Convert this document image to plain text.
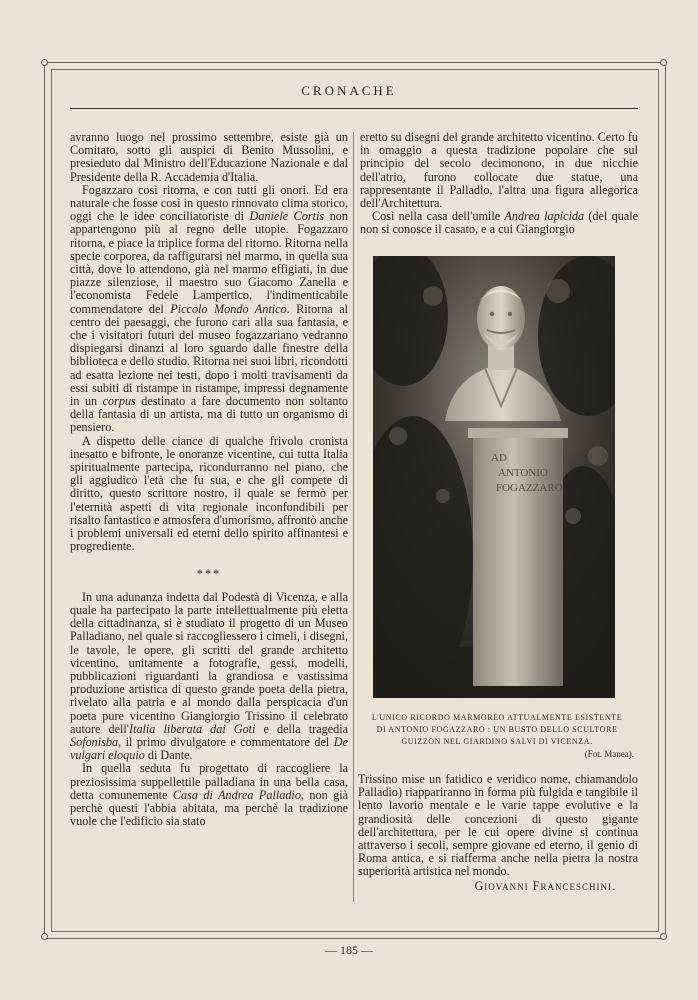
CRONACHE

avranno luogo nel prossimo settembre, esiste già un Comitato, sotto gli auspici di Benito Mussolini, e presieduto dal Ministro dell'Educazione Nazionale e dal Presidente della R. Accademia d'Italia.

Fogazzaro così ritorna, e con tutti gli onori. Ed era naturale che fosse così in questo rinnovato clima storico, oggi che le idee conciliatoriste di Daniele Cortis non appartengono più al regno delle utopie. Fogazzaro ritorna, e piace la triplice forma del ritorno. Ritorna nella specie corporea, da raffigurarsi nel marmo, in quella sua città, dove lo attendono, già nel marmo effigiati, in due piazze silenziose, il maestro suo Giacomo Zanella e l'economista Fedele Lampertico, l'indimenticabile commendatore del Piccolo Mondo Antico. Ritorna al centro dei paesaggi, che furono cari alla sua fantasia, e che i visitatori futuri del museo fogazzariano vedranno dispiegarsi dinanzi al loro sguardo dalle finestre della biblioteca e dello studio. Ritorna nei suoi libri, ricondotti ad esatta lezione nei testi, dopo i molti travisamenti da essi subiti di ristampe in ristampe, impressi degnamente in un corpus destinato a fare documento non soltanto della fantasia di un artista, ma di tutto un organismo di pensiero.

A dispetto delle ciance di qualche frivolo cronista inesatto e bifronte, le onoranze vicentine, cui tutta Italia spiritualmente partecipa, ricondurranno nel piano, che gli aggiudicò l'età che fu sua, e che gli compete di diritto, questo scrittore nostro, il quale se fermò per l'eternità aspetti di vita regionale inconfondibili per risalto fantastico e atmosfera d'umorismo, affrontò anche i problemi universali ed eterni dello spirito affinantesi e progrediente.

***

In una adunanza indetta dal Podestà di Vicenza, e alla quale ha partecipato la parte intellettualmente più eletta della cittadinanza, si è studiato il progetto di un Museo Palladiano, nel quale si raccogliessero i cimeli, i disegni, le tavole, le opere, gli scritti del grande architetto vicentino, unitamente a fotografie, gessi, modelli, pubblicazioni riguardanti la grandiosa e vastissima produzione artistica di questo grande poeta della pietra, rivelato alla patria e al mondo dalla perspicacia d'un poeta pure vicentino Giangiorgio Trissino il celebrato autore dell'Italia liberata dai Goti e della tragedia Sofonisba, il primo divulgatore e commentatore del De vulgari eloquio di Dante.

In quella seduta fu progettato di raccogliere la preziosissima suppellettile palladiana in una bella casa, detta comunemente Casa di Andrea Palladio, non già perchè questi l'abbia abitata, ma perchè la tradizione vuole che l'edificio sia stato

eretto su disegni del grande architetto vicentino. Certo fu in omaggio a questa tradizione popolare che sul principio del secolo decimonono, in due nicchie dell'atrio, furono collocate due statue, una rappresentante il Palladio, l'altra una figura allegorica dell'Architettura.

Così nella casa dell'umile Andrea lapicida (del quale non si conosce il casato, e a cui Giangiorgio

AD
ANTONIO
FOGAZZARO
L'UNICO RICORDO MARMOREO ATTUALMENTE ESISTENTE
DI ANTONIO FOGAZZARO : UN BUSTO DELLO SCULTORE
GUIZZON NEL GIARDINO SALVI DI VICENZA.
(Fot. Manea).

Trissino mise un fatidico e veridico nome, chiamandolo Palladio) riappariranno in forma più fulgida e tangibile il lento lavorio mentale e le varie tappe evolutive e la grandiosità delle concezioni di questo gigante dell'architettura, per le cui opere divine si continua attraverso i secoli, sempre giovane ed eterno, il genio di Roma antica, e si riafferma anche nella pietra la nostra superiorità artistica nel mondo.

Giovanni Franceschini.

— 185 —
